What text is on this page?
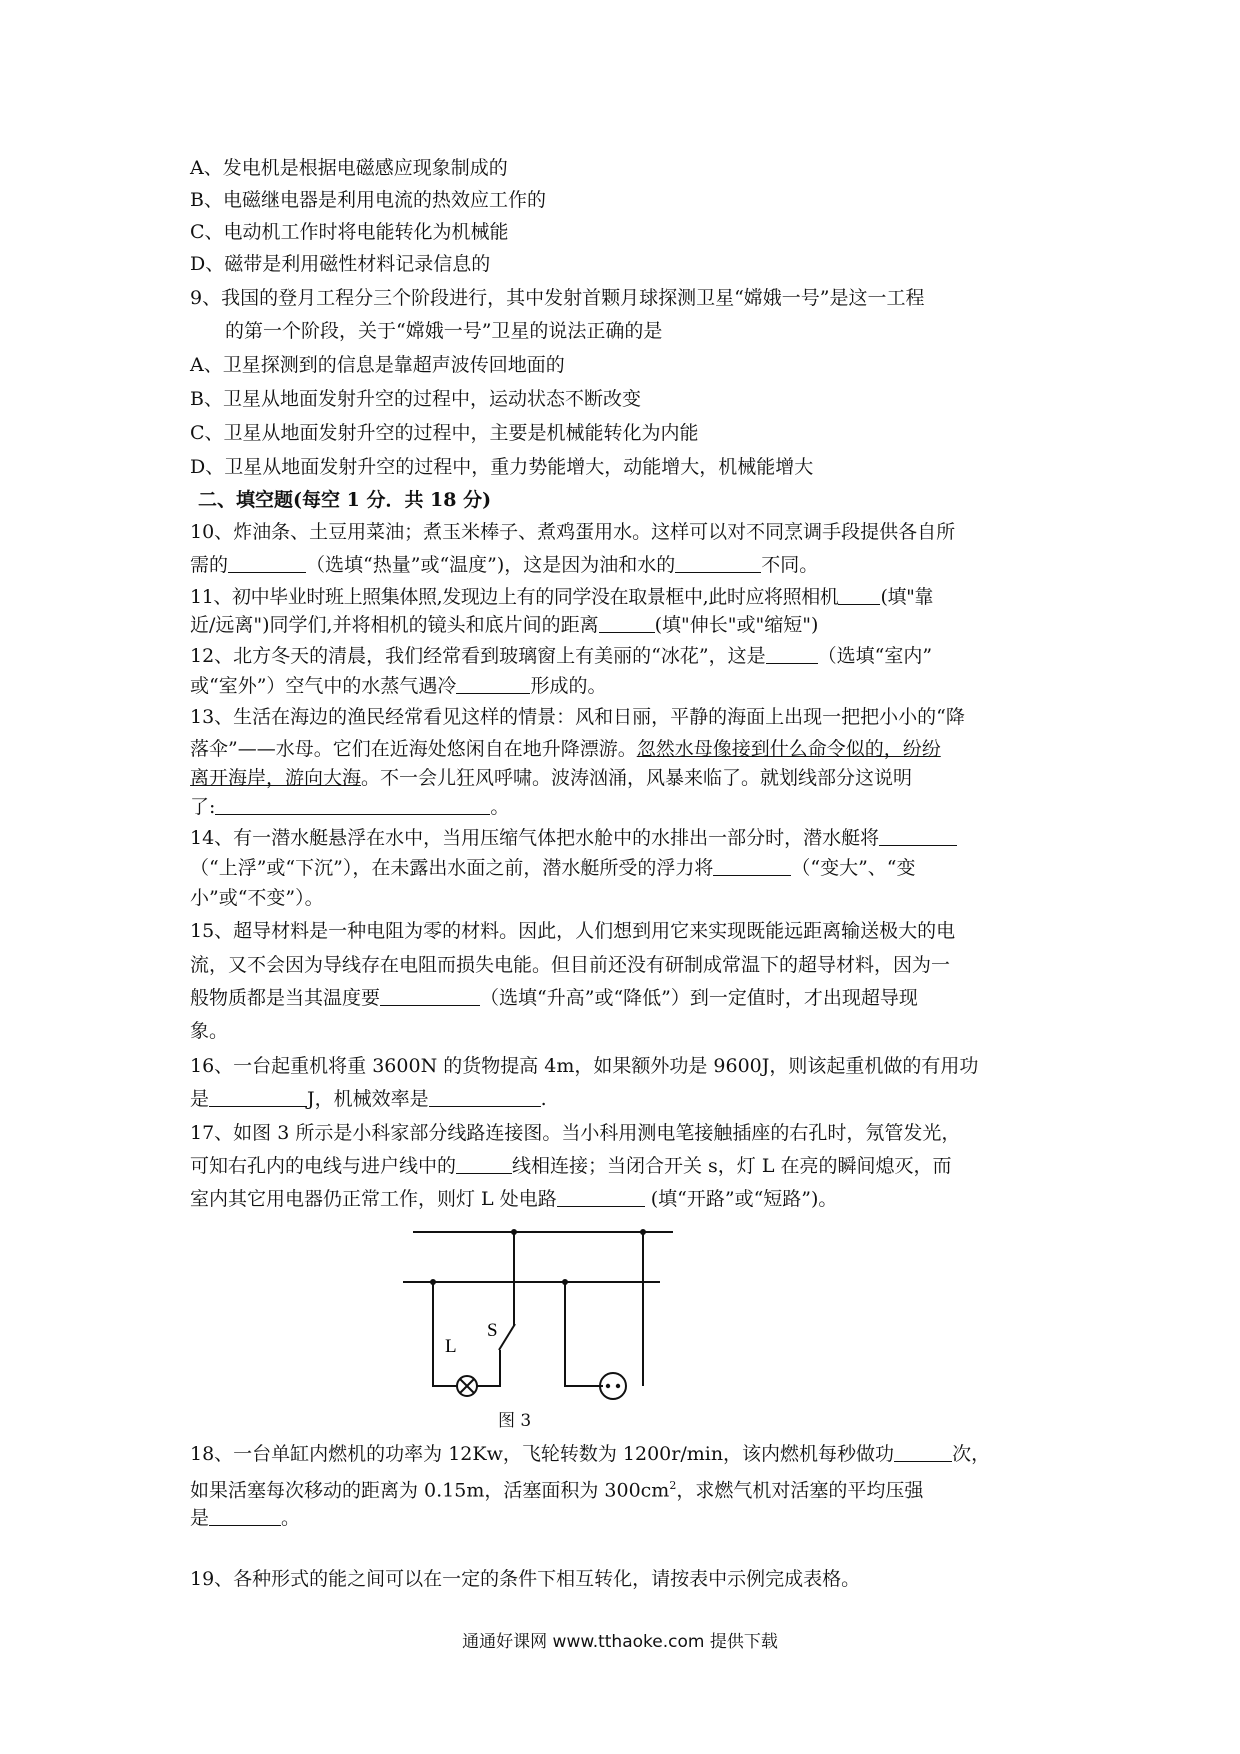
A、发电机是根据电磁感应现象制成的
B、电磁继电器是利用电流的热效应工作的
C、电动机工作时将电能转化为机械能
D、磁带是利用磁性材料记录信息的
9、我国的登月工程分三个阶段进行，其中发射首颗月球探测卫星“嫦娥一号”是这一工程
的第一个阶段，关于“嫦娥一号”卫星的说法正确的是
A、卫星探测到的信息是靠超声波传回地面的
B、卫星从地面发射升空的过程中，运动状态不断改变
C、卫星从地面发射升空的过程中，主要是机械能转化为内能
D、卫星从地面发射升空的过程中，重力势能增大，动能增大，机械能增大
二、填空题(每空 1 分．共 18 分)
10、炸油条、土豆用菜油；煮玉米棒子、煮鸡蛋用水。这样可以对不同烹调手段提供各自所
需的	（选填“热量”或“温度”)，这是因为油和水的	不同。
11、初中毕业时班上照集体照,发现边上有的同学没在取景框中,此时应将照相机 (填"靠
近/远离")同学们,并将相机的镜头和底片间的距离	(填"伸长"或"缩短")
12、北方冬天的清晨，我们经常看到玻璃窗上有美丽的“冰花”，这是	（选填“室内”
或“室外”）空气中的水蒸气遇冷	形成的。
13、生活在海边的渔民经常看见这样的情景：风和日丽，平静的海面上出现一把把小小的“降
落伞”——水母。它们在近海处悠闲自在地升降漂游。忽然水母像接到什么命令似的，纷纷
离开海岸，游向大海。不一会儿狂风呼啸。波涛汹涌，风暴来临了。就划线部分这说明
了:	。
14、有一潜水艇悬浮在水中，当用压缩气体把水舱中的水排出一部分时，潜水艇将
（“上浮”或“下沉”），在未露出水面之前，潜水艇所受的浮力将	（“变大”、“变
小”或“不变”）。
15、超导材料是一种电阻为零的材料。因此，人们想到用它来实现既能远距离输送极大的电
流，又不会因为导线存在电阻而损失电能。但目前还没有研制成常温下的超导材料，因为一
般物质都是当其温度要	（选填“升高”或“降低”）到一定值时，才出现超导现
象。
16、一台起重机将重 3600N 的货物提高 4m，如果额外功是 9600J，则该起重机做的有用功
是	J，机械效率是	.
17、如图 3 所示是小科家部分线路连接图。当小科用测电笔接触插座的右孔时，氖管发光，
可知右孔内的电线与进户线中的	线相连接；当闭合开关 s，灯 L 在亮的瞬间熄灭，而
室内其它用电器仍正常工作，则灯 L 处电路	(填“开路”或“短路”)。
L
S
图 3
18、一台单缸内燃机的功率为 12Kw，飞轮转数为 1200r/min，该内燃机每秒做功	次，
如果活塞每次移动的距离为 0.15m，活塞面积为 $300cm^2$，求燃气机对活塞的平均压强
是	。
19、各种形式的能之间可以在一定的条件下相互转化，请按表中示例完成表格。
通通好课网 www.tthaoke.com 提供下载
